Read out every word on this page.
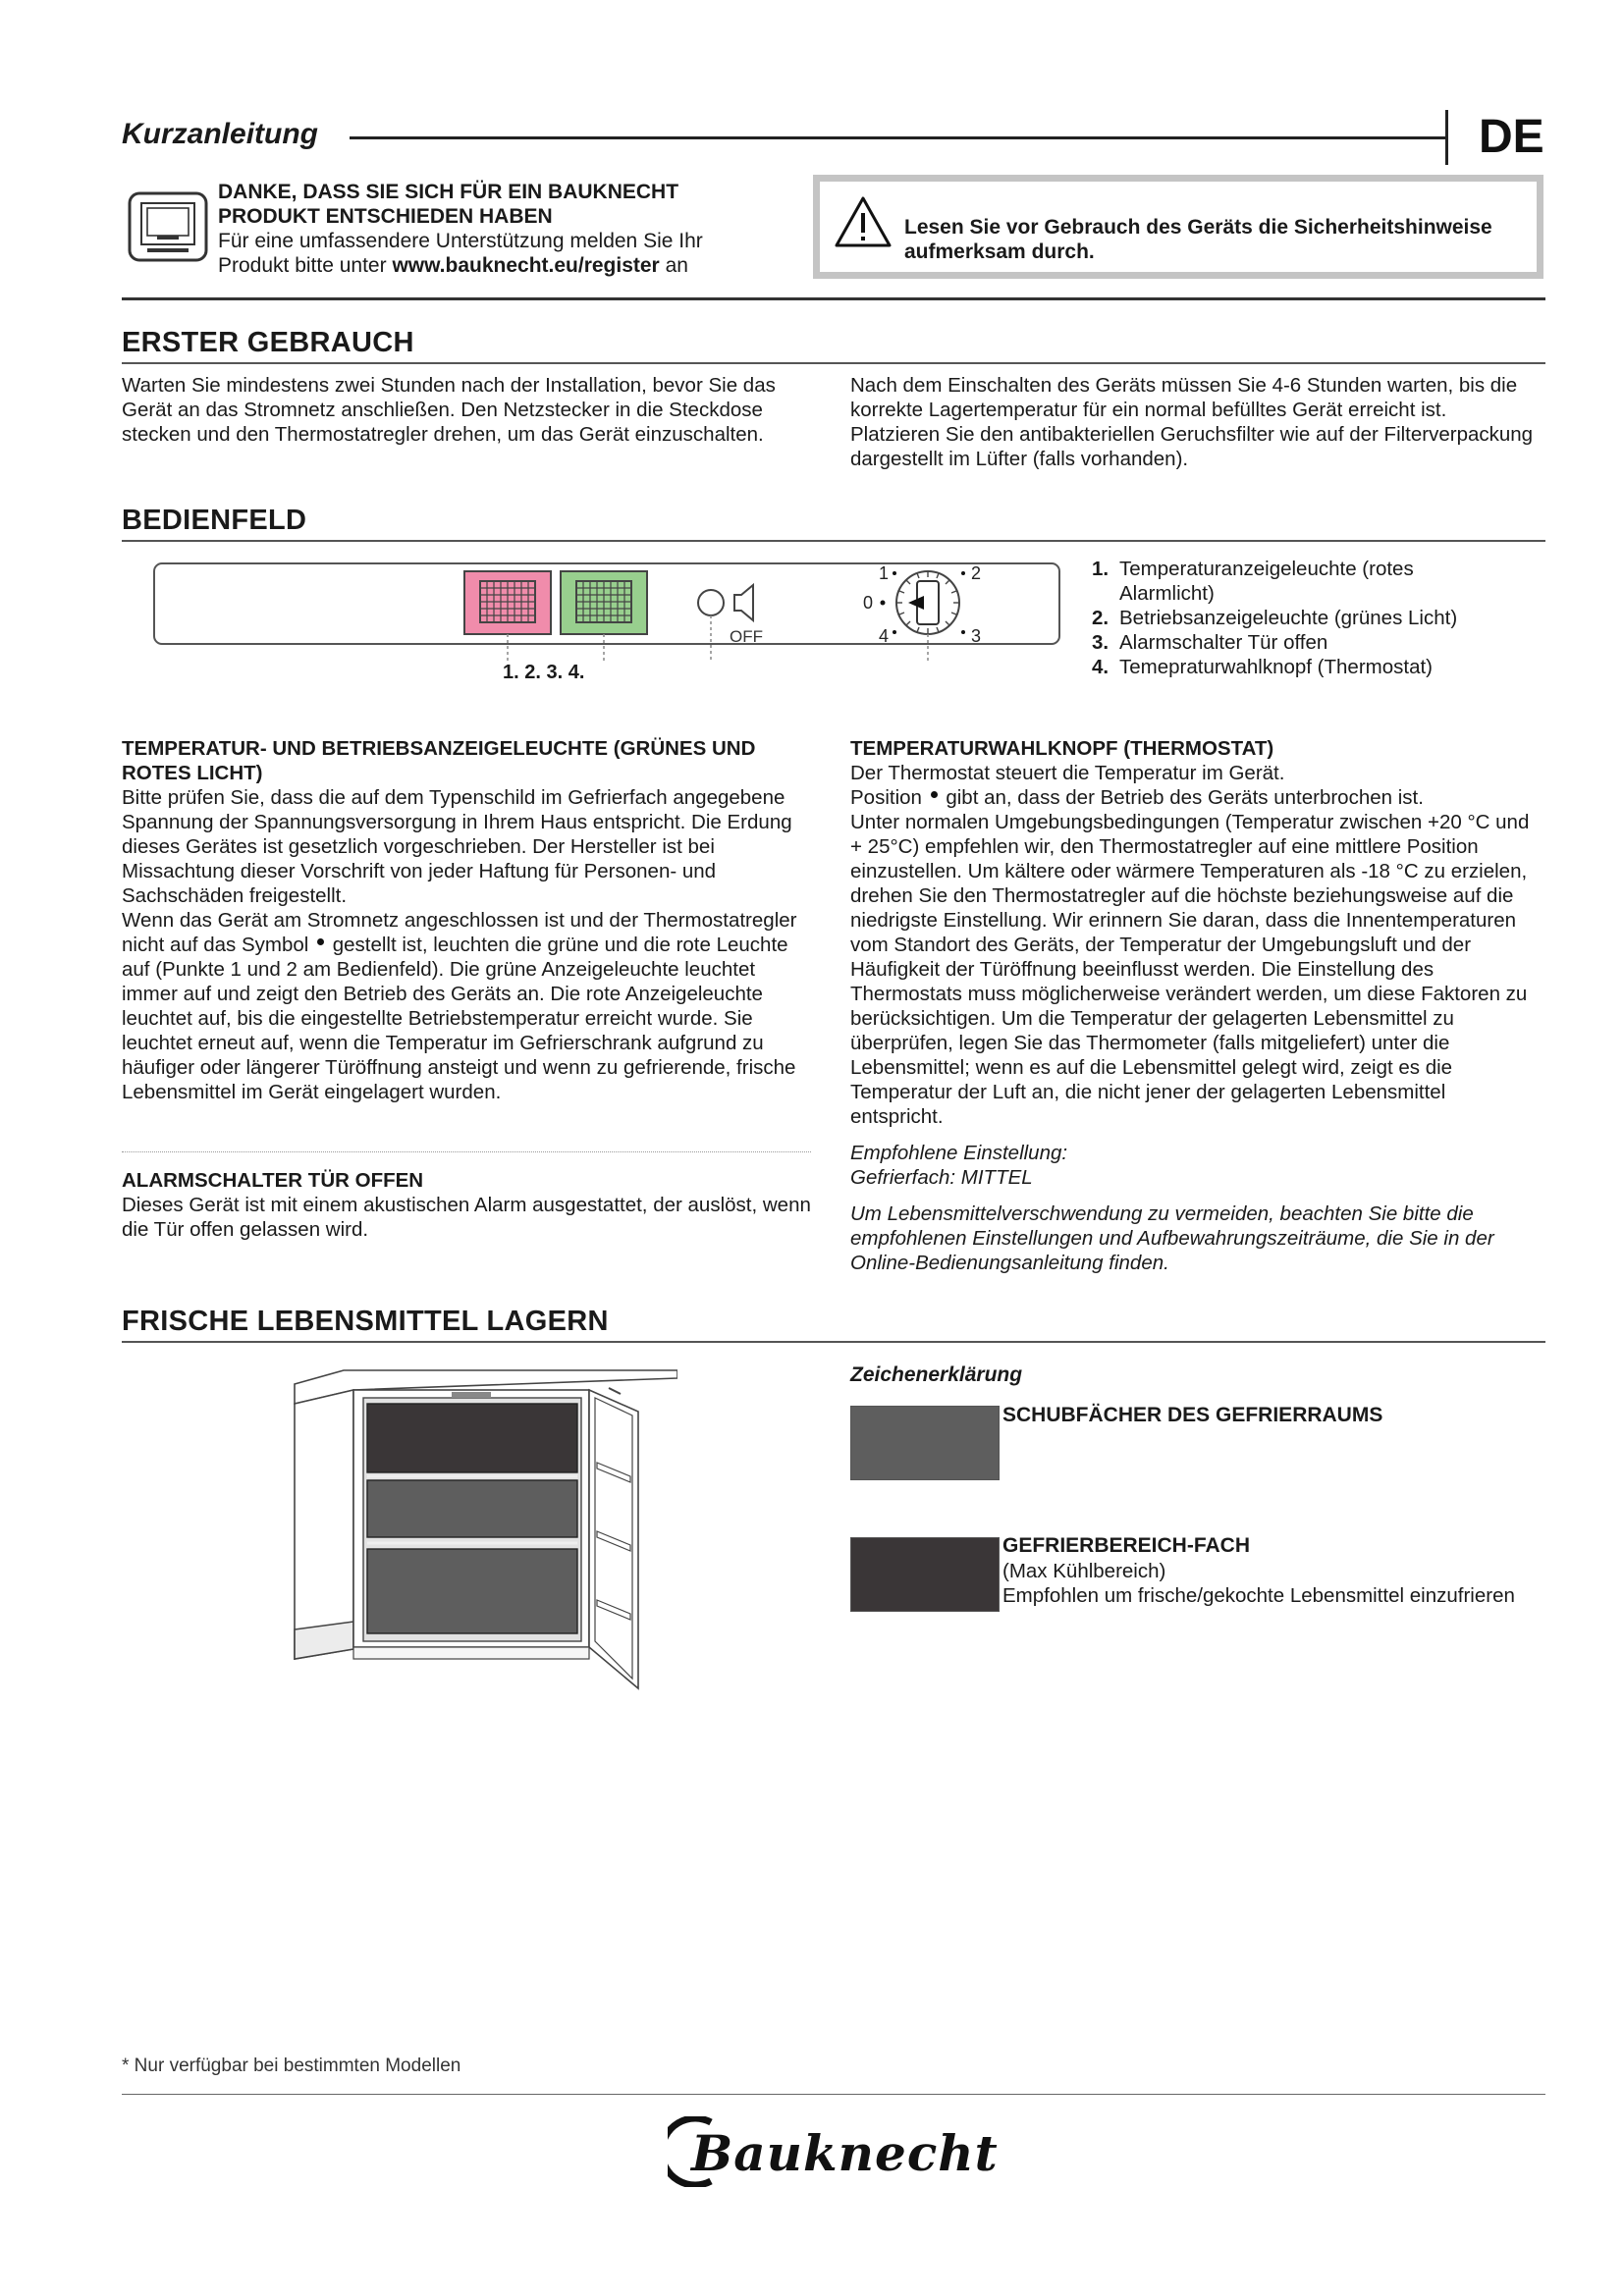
Kurzanleitung	DE

DANKE, DASS SIE SICH FÜR EIN BAUKNECHT

PRODUKT ENTSCHIEDEN HABEN

Für eine umfassendere Unterstützung melden Sie Ihr

Produkt bitte unter www.bauknecht.eu/register an

Lesen Sie vor Gebrauch des Geräts die Sicherheitshinweise

aufmerksam durch.

ERSTER GEBRAUCH

Warten Sie mindestens zwei Stunden nach der Installation, bevor Sie das Gerät an das Stromnetz anschließen. Den Netzstecker in die Steckdose stecken und den Thermostatregler drehen, um das Gerät einzuschalten.

Nach dem Einschalten des Geräts müssen Sie 4-6 Stunden warten, bis die korrekte Lagertemperatur für ein normal befülltes Gerät erreicht ist. Platzieren Sie den antibakteriellen Geruchsfilter wie auf der Filterverpackung dargestellt im Lüfter (falls vorhanden).

BEDIENFELD
OFF
1	2
3
4
0
1. 2. 3. 4.
1. Temperaturanzeigeleuchte (rotes Alarmlicht)
2. Betriebsanzeigeleuchte (grünes Licht)
3. Alarmschalter Tür offen
4. Temepraturwahlknopf (Thermostat)

TEMPERATUR- UND BETRIEBSANZEIGELEUCHTE (GRÜNES UND ROTES LICHT)

Bitte prüfen Sie, dass die auf dem Typenschild im Gefrierfach angegebene Spannung der Spannungsversorgung in Ihrem Haus entspricht. Die Erdung dieses Gerätes ist gesetzlich vorgeschrieben. Der Hersteller ist bei Missachtung dieser Vorschrift von jeder Haftung für Personen- und Sachschäden freigestellt.

Wenn das Gerät am Stromnetz angeschlossen ist und der Thermostatregler nicht auf das Symbol  gestellt ist, leuchten die grüne und die rote Leuchte auf (Punkte 1 und 2 am Bedienfeld). Die grüne Anzeigeleuchte leuchtet immer auf und zeigt den Betrieb des Geräts an. Die rote Anzeigeleuchte leuchtet auf, bis die eingestellte Betriebstemperatur erreicht wurde. Sie leuchtet erneut auf, wenn die Temperatur im Gefrierschrank aufgrund zu häufiger oder längerer Türöffnung ansteigt und wenn zu gefrierende, frische Lebensmittel im Gerät eingelagert wurden.

ALARMSCHALTER TÜR OFFEN

Dieses Gerät ist mit einem akustischen Alarm ausgestattet, der auslöst, wenn die Tür offen gelassen wird.

TEMPERATURWAHLKNOPF (THERMOSTAT)

Der Thermostat steuert die Temperatur im Gerät.

Position  gibt an, dass der Betrieb des Geräts unterbrochen ist.

Unter normalen Umgebungsbedingungen (Temperatur zwischen +20 °C und + 25°C) empfehlen wir, den Thermostatregler auf eine mittlere Position einzustellen. Um kältere oder wärmere Temperaturen als -18 °C zu erzielen, drehen Sie den Thermostatregler auf die höchste beziehungsweise auf die niedrigste Einstellung. Wir erinnern Sie daran, dass die Innentemperaturen vom Standort des Geräts, der Temperatur der Umgebungsluft und der Häufigkeit der Türöffnung beeinflusst werden. Die Einstellung des Thermostats muss möglicherweise verändert werden, um diese Faktoren zu berücksichtigen. Um die Temperatur der gelagerten Lebensmittel zu überprüfen, legen Sie das Thermometer (falls mitgeliefert) unter die Lebensmittel; wenn es auf die Lebensmittel gelegt wird, zeigt es die Temperatur der Luft an, die nicht jener der gelagerten Lebensmittel entspricht.

Empfohlene Einstellung:

Gefrierfach: MITTEL

Um Lebensmittelverschwendung zu vermeiden, beachten Sie bitte die empfohlenen Einstellungen und Aufbewahrungszeiträume, die Sie in der Online-Bedienungsanleitung finden.

FRISCHE LEBENSMITTEL LAGERN
Zeichenerklärung
SCHUBFÄCHER DES GEFRIERRAUMS

GEFRIERBEREICH-FACH

(Max Kühlbereich)

Empfohlen um frische/gekochte Lebensmittel einzufrieren

* Nur verfügbar bei bestimmten Modellen
Bauknecht
